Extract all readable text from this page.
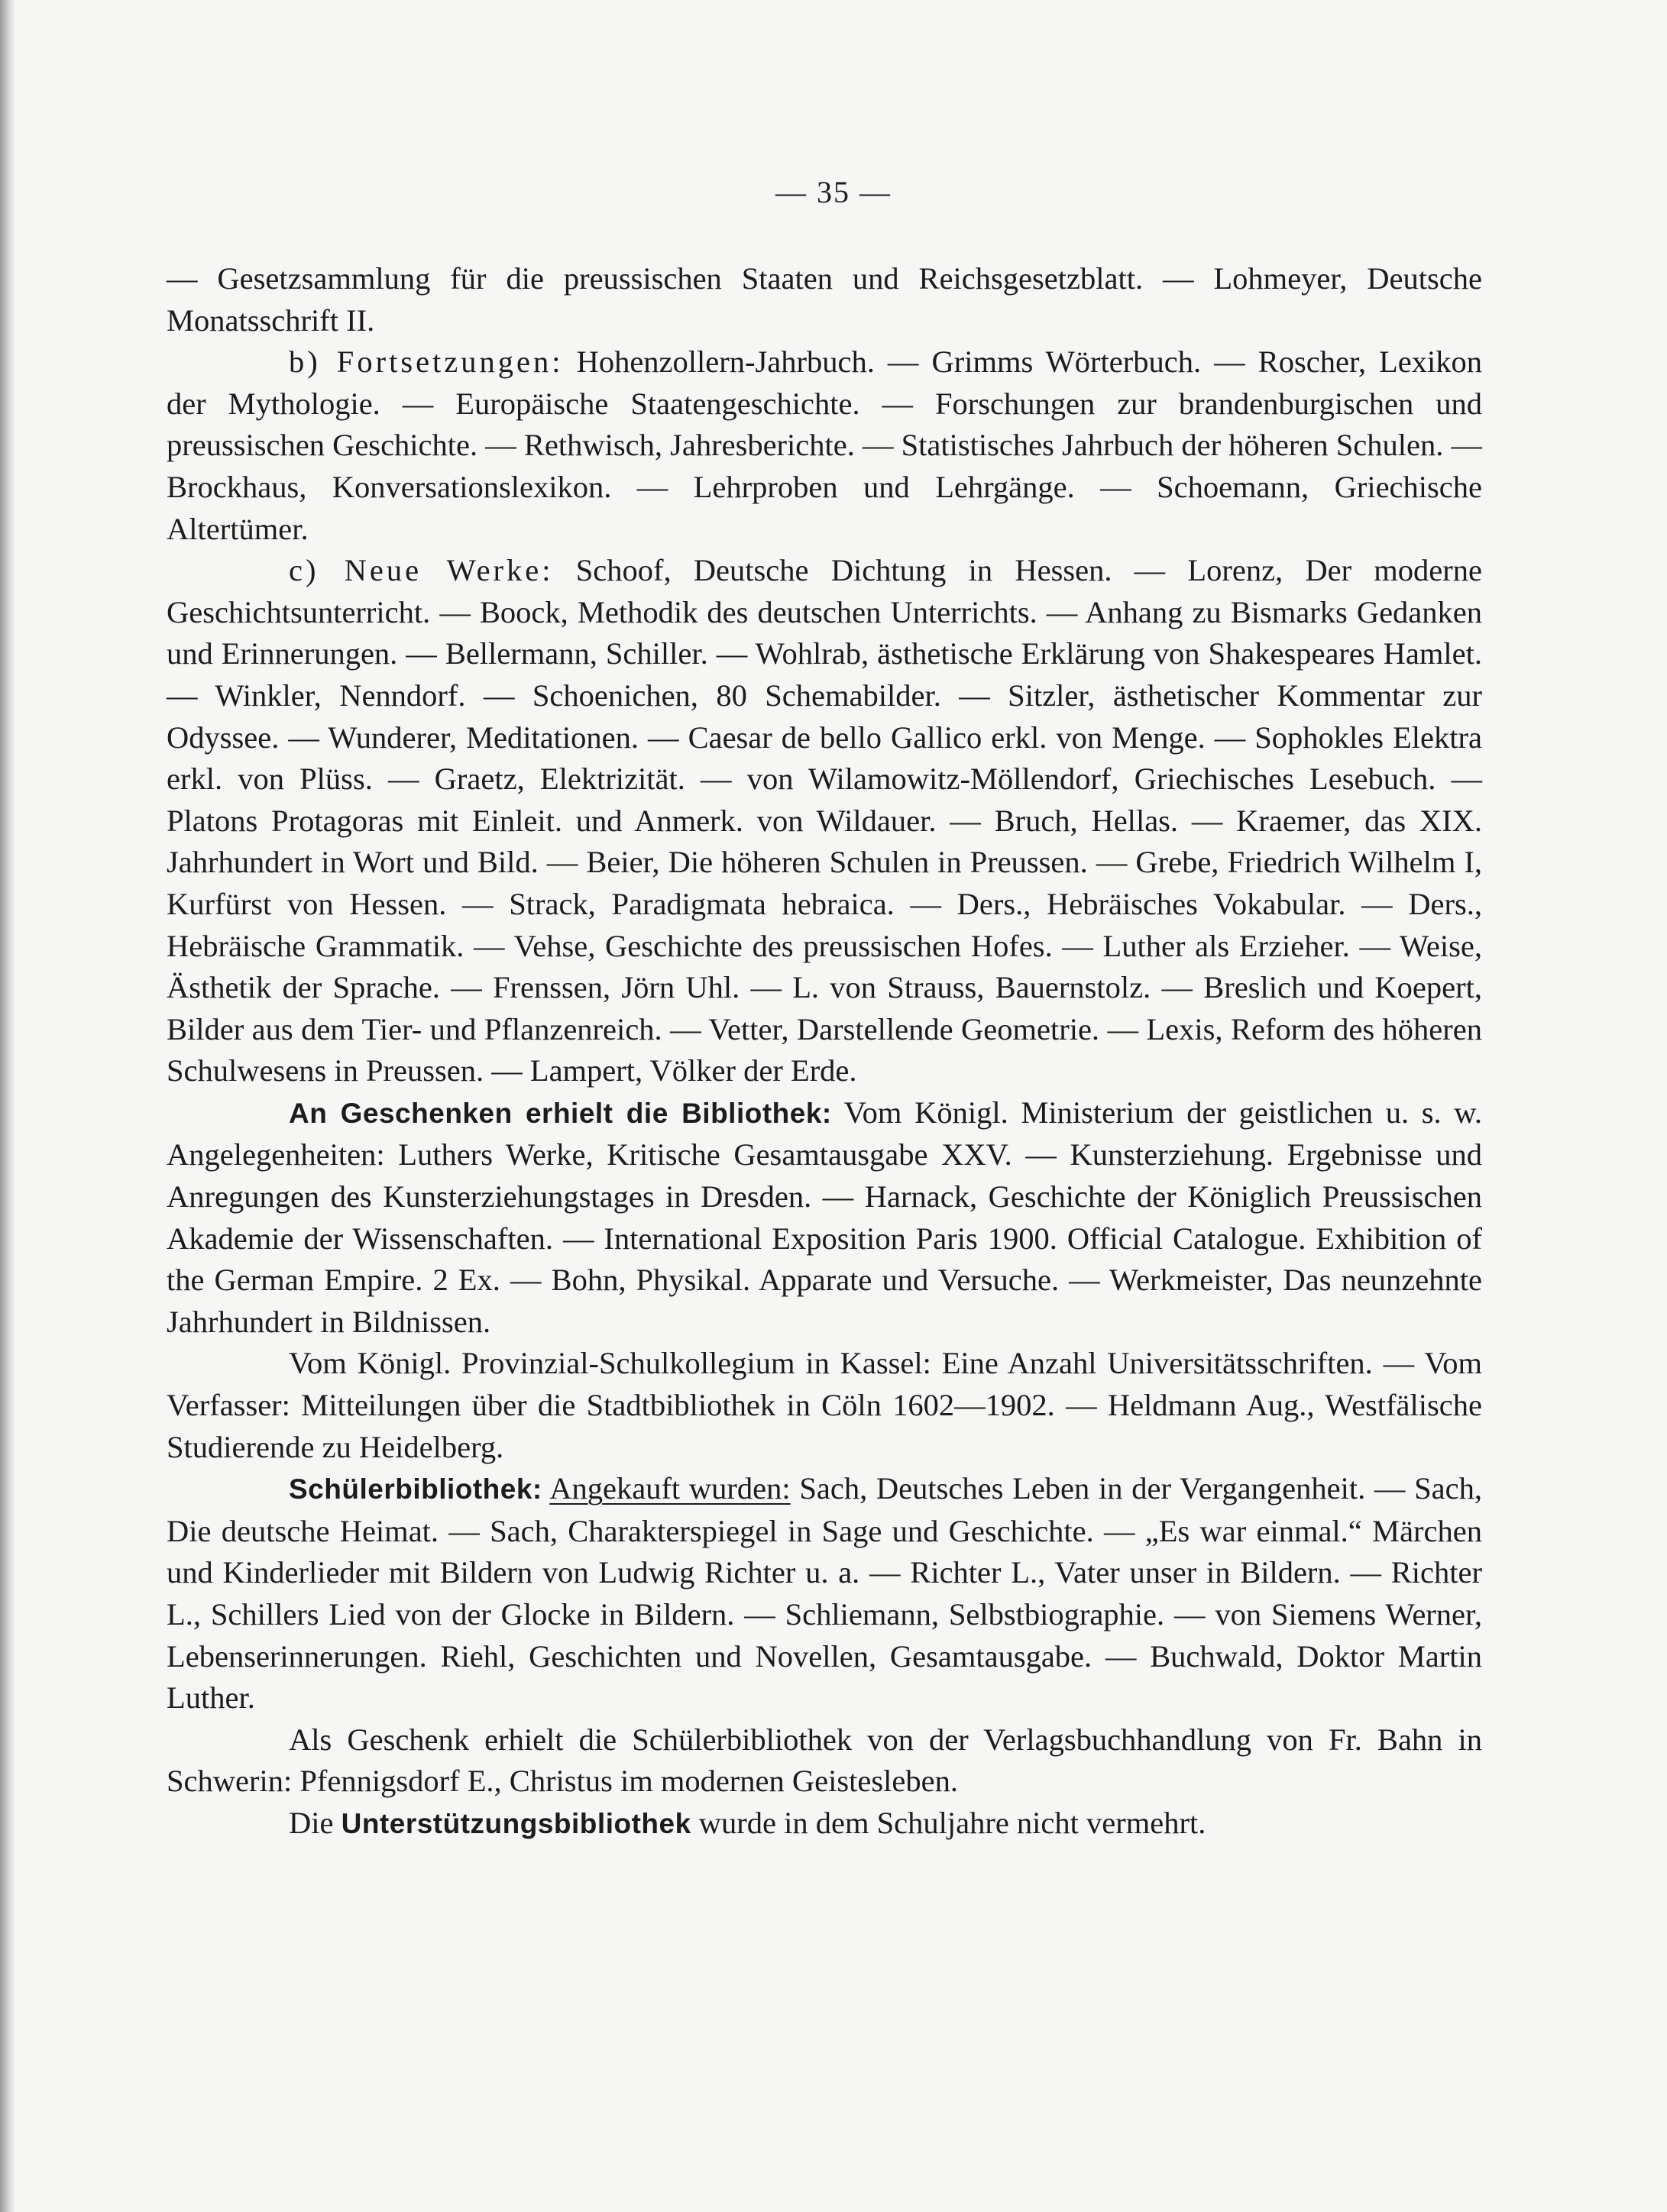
— 35 —

— Gesetzsammlung für die preussischen Staaten und Reichsgesetzblatt. — Lohmeyer, Deutsche Monatsschrift II.

b) Fortsetzungen: Hohenzollern-Jahrbuch. — Grimms Wörterbuch. — Roscher, Lexikon der Mythologie. — Europäische Staatengeschichte. — Forschungen zur brandenburgischen und preussischen Geschichte. — Rethwisch, Jahresberichte. — Statistisches Jahrbuch der höheren Schulen. — Brockhaus, Konversationslexikon. — Lehrproben und Lehrgänge. — Schoemann, Griechische Altertümer.

c) Neue Werke: Schoof, Deutsche Dichtung in Hessen. — Lorenz, Der moderne Geschichtsunterricht. — Boock, Methodik des deutschen Unterrichts. — Anhang zu Bismarks Gedanken und Erinnerungen. — Bellermann, Schiller. — Wohlrab, ästhetische Erklärung von Shakespeares Hamlet. — Winkler, Nenndorf. — Schoenichen, 80 Schemabilder. — Sitzler, ästhetischer Kommentar zur Odyssee. — Wunderer, Meditationen. — Caesar de bello Gallico erkl. von Menge. — Sophokles Elektra erkl. von Plüss. — Graetz, Elektrizität. — von Wilamowitz-Möllendorf, Griechisches Lesebuch. — Platons Protagoras mit Einleit. und Anmerk. von Wildauer. — Bruch, Hellas. — Kraemer, das XIX. Jahrhundert in Wort und Bild. — Beier, Die höheren Schulen in Preussen. — Grebe, Friedrich Wilhelm I, Kurfürst von Hessen. — Strack, Paradigmata hebraica. — Ders., Hebräisches Vokabular. — Ders., Hebräische Grammatik. — Vehse, Geschichte des preussischen Hofes. — Luther als Erzieher. — Weise, Ästhetik der Sprache. — Frenssen, Jörn Uhl. — L. von Strauss, Bauernstolz. — Breslich und Koepert, Bilder aus dem Tier- und Pflanzenreich. — Vetter, Darstellende Geometrie. — Lexis, Reform des höheren Schulwesens in Preussen. — Lampert, Völker der Erde.

An Geschenken erhielt die Bibliothek: Vom Königl. Ministerium der geistlichen u. s. w. Angelegenheiten: Luthers Werke, Kritische Gesamtausgabe XXV. — Kunsterziehung. Ergebnisse und Anregungen des Kunsterziehungstages in Dresden. — Harnack, Geschichte der Königlich Preussischen Akademie der Wissenschaften. — International Exposition Paris 1900. Official Catalogue. Exhibition of the German Empire. 2 Ex. — Bohn, Physikal. Apparate und Versuche. — Werkmeister, Das neunzehnte Jahrhundert in Bildnissen.

Vom Königl. Provinzial-Schulkollegium in Kassel: Eine Anzahl Universitätsschriften. — Vom Verfasser: Mitteilungen über die Stadtbibliothek in Cöln 1602—1902. — Heldmann Aug., Westfälische Studierende zu Heidelberg.

Schülerbibliothek: Angekauft wurden: Sach, Deutsches Leben in der Vergangenheit. — Sach, Die deutsche Heimat. — Sach, Charakterspiegel in Sage und Geschichte. — „Es war einmal.“ Märchen und Kinderlieder mit Bildern von Ludwig Richter u. a. — Richter L., Vater unser in Bildern. — Richter L., Schillers Lied von der Glocke in Bildern. — Schliemann, Selbstbiographie. — von Siemens Werner, Lebenserinnerungen. Riehl, Geschichten und Novellen, Gesamtausgabe. — Buchwald, Doktor Martin Luther.

Als Geschenk erhielt die Schülerbibliothek von der Verlagsbuchhandlung von Fr. Bahn in Schwerin: Pfennigsdorf E., Christus im modernen Geistesleben.

Die Unterstützungsbibliothek wurde in dem Schuljahre nicht vermehrt.
